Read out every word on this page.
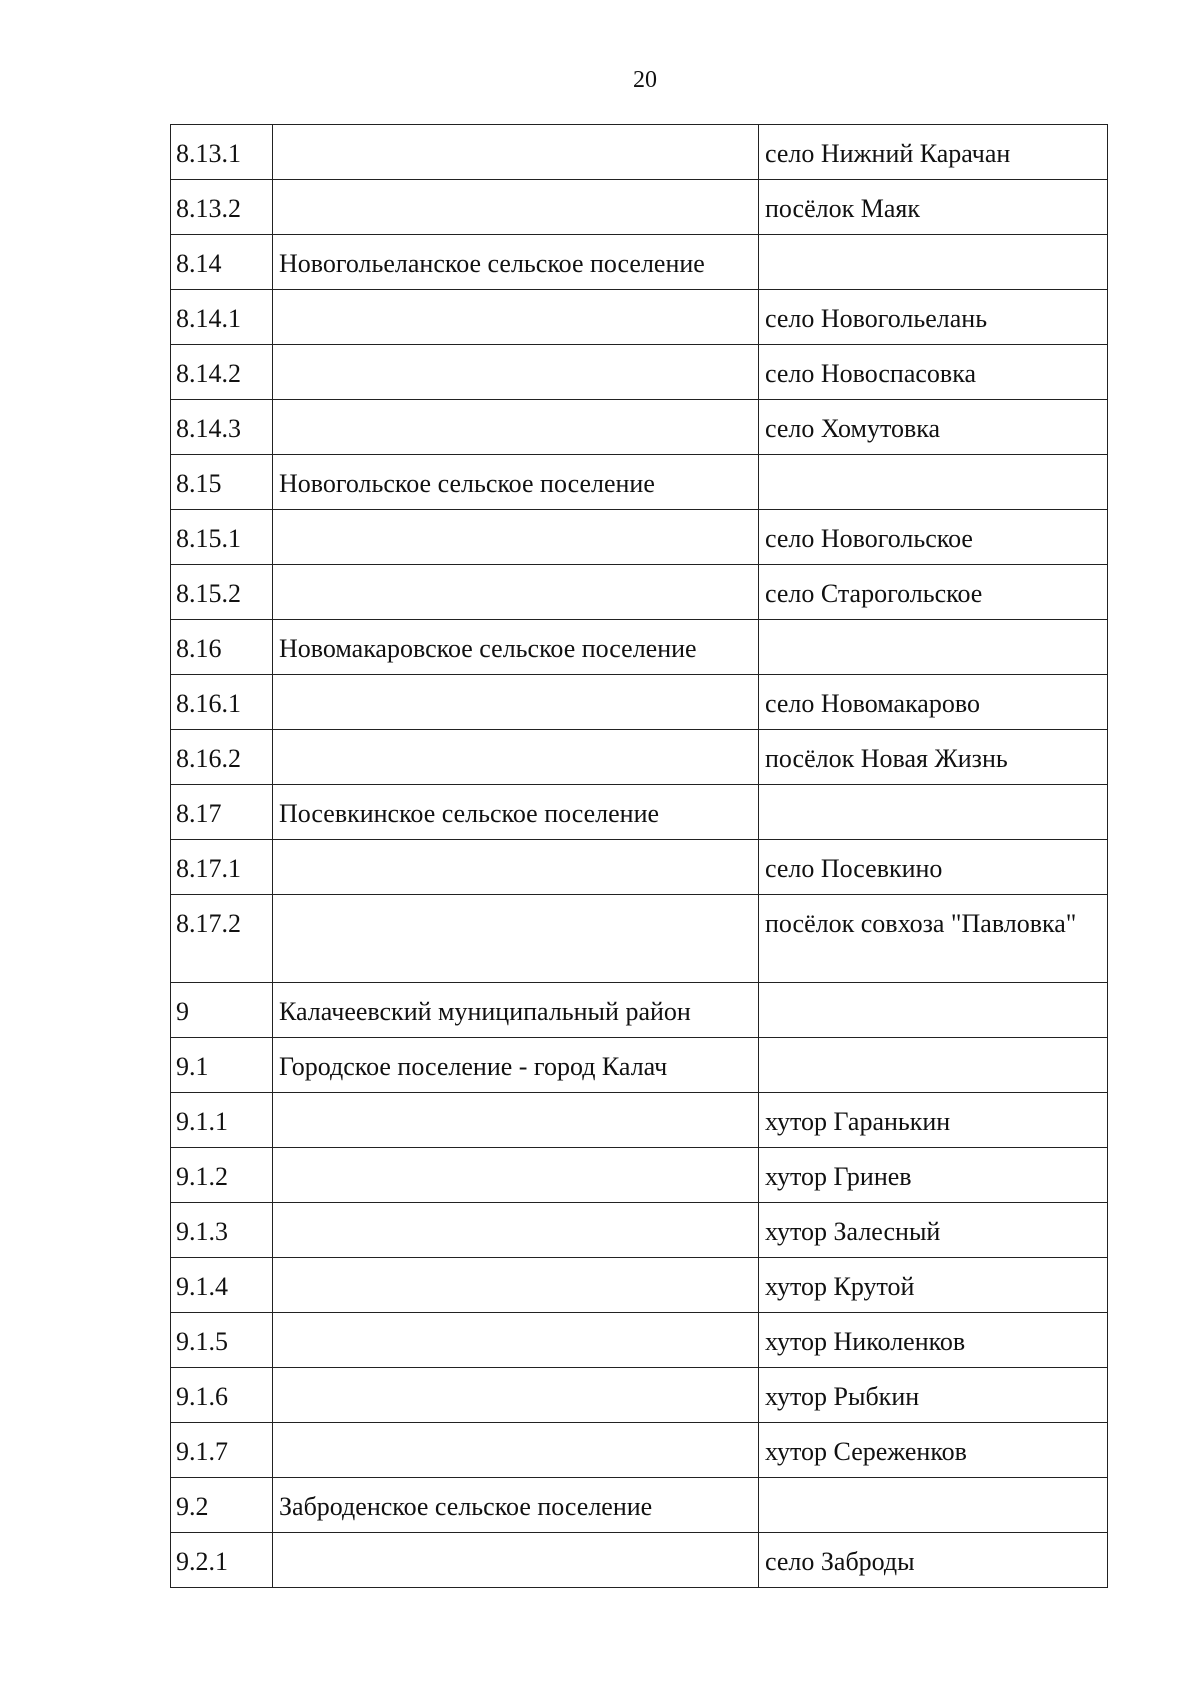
20
8.13.1		село Нижний Карачан
8.13.2		посёлок Маяк
8.14	Новогольеланское сельское поселение	
8.14.1		село Новогольелань
8.14.2		село Новоспасовка
8.14.3		село Хомутовка
8.15	Новогольское сельское поселение	
8.15.1		село Новогольское
8.15.2		село Старогольское
8.16	Новомакаровское сельское поселение	
8.16.1		село Новомакарово
8.16.2		посёлок Новая Жизнь
8.17	Посевкинское сельское поселение	
8.17.1		село Посевкино
8.17.2		посёлок совхоза "Павловка"
9	Калачеевский муниципальный район	
9.1	Городское поселение - город Калач	
9.1.1		хутор Гаранькин
9.1.2		хутор Гринев
9.1.3		хутор Залесный
9.1.4		хутор Крутой
9.1.5		хутор Николенков
9.1.6		хутор Рыбкин
9.1.7		хутор Сереженков
9.2	Заброденское сельское поселение	
9.2.1		село Заброды
